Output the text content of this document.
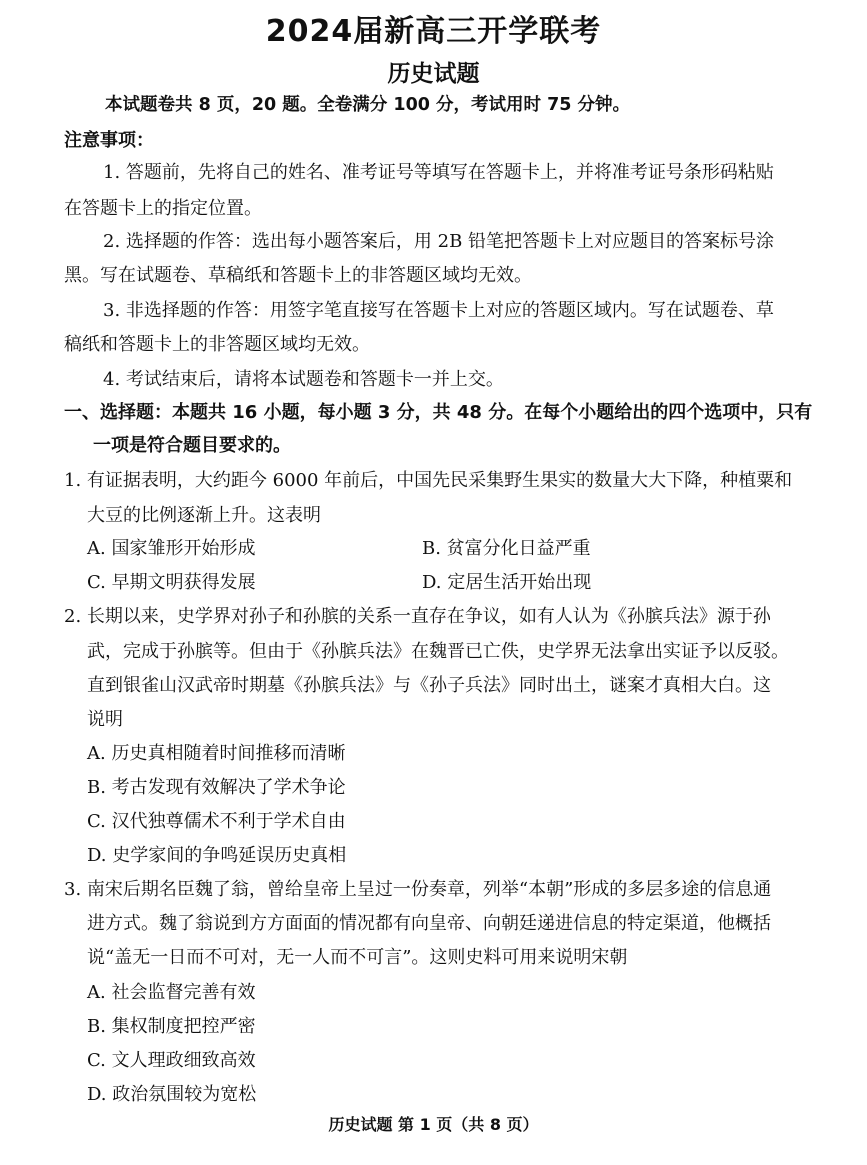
2024届新高三开学联考
历史试题
本试题卷共 8 页，20 题。全卷满分 100 分，考试用时 75 分钟。
注意事项：
1. 答题前，先将自己的姓名、准考证号等填写在答题卡上，并将准考证号条形码粘贴
在答题卡上的指定位置。
2. 选择题的作答：选出每小题答案后，用 2B 铅笔把答题卡上对应题目的答案标号涂
黑。写在试题卷、草稿纸和答题卡上的非答题区域均无效。
3. 非选择题的作答：用签字笔直接写在答题卡上对应的答题区域内。写在试题卷、草
稿纸和答题卡上的非答题区域均无效。
4. 考试结束后，请将本试题卷和答题卡一并上交。
一、选择题：本题共 16 小题，每小题 3 分，共 48 分。在每个小题给出的四个选项中，只有
一项是符合题目要求的。
1. 有证据表明，大约距今 6000 年前后，中国先民采集野生果实的数量大大下降，种植粟和
大豆的比例逐渐上升。这表明
A. 国家雏形开始形成	B. 贫富分化日益严重
C. 早期文明获得发展	D. 定居生活开始出现
2. 长期以来，史学界对孙子和孙膑的关系一直存在争议，如有人认为《孙膑兵法》源于孙
武，完成于孙膑等。但由于《孙膑兵法》在魏晋已亡佚，史学界无法拿出实证予以反驳。
直到银雀山汉武帝时期墓《孙膑兵法》与《孙子兵法》同时出土，谜案才真相大白。这
说明
A. 历史真相随着时间推移而清晰
B. 考古发现有效解决了学术争论
C. 汉代独尊儒术不利于学术自由
D. 史学家间的争鸣延误历史真相
3. 南宋后期名臣魏了翁，曾给皇帝上呈过一份奏章，列举“本朝”形成的多层多途的信息通
进方式。魏了翁说到方方面面的情况都有向皇帝、向朝廷递进信息的特定渠道，他概括
说“盖无一日而不可对，无一人而不可言”。这则史料可用来说明宋朝
A. 社会监督完善有效
B. 集权制度把控严密
C. 文人理政细致高效
D. 政治氛围较为宽松
历史试题 第 1 页（共 8 页）
